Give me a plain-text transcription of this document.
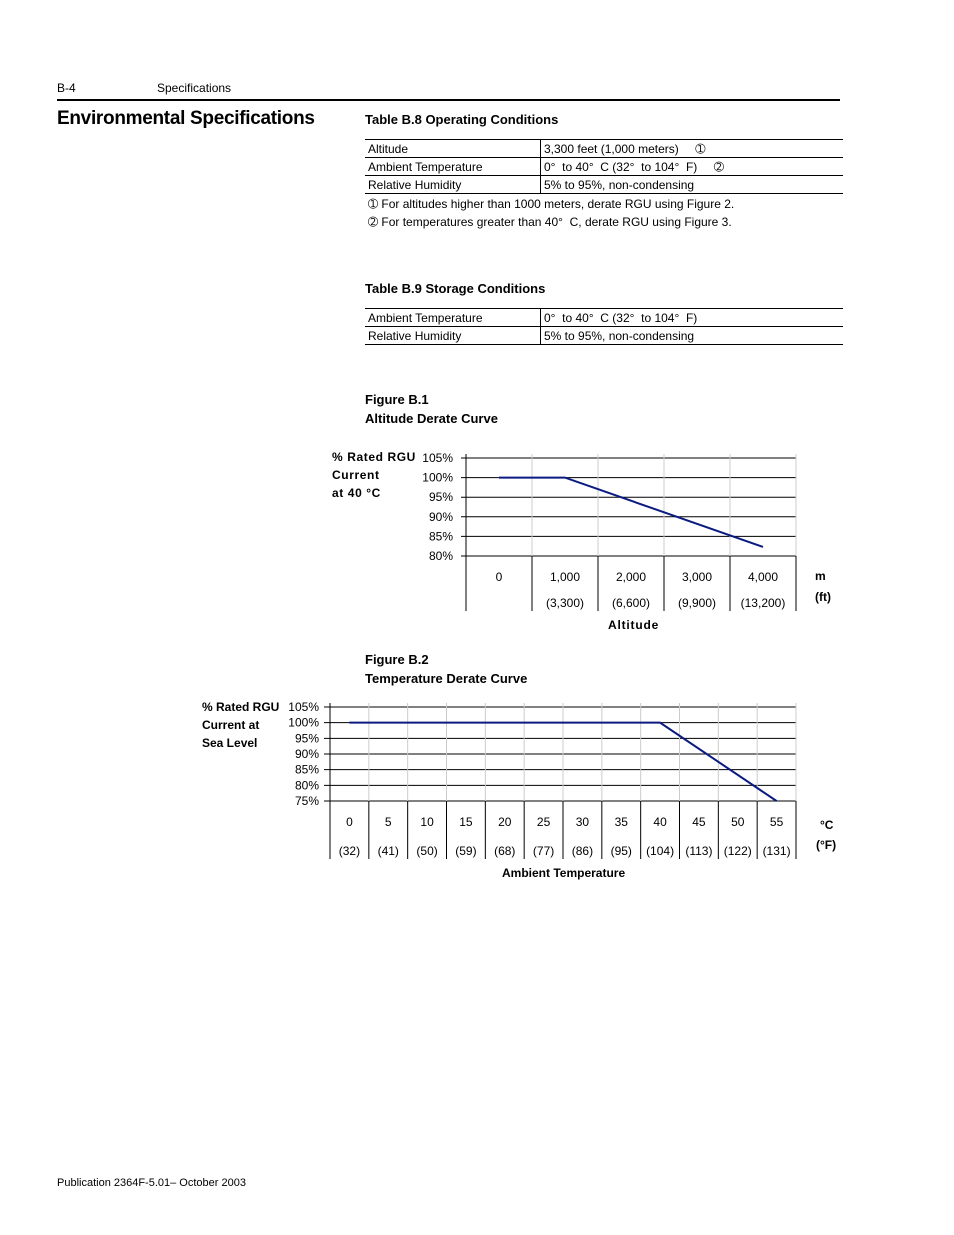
B-4	Specifications
Environmental Specifications	Table B.8 Operating Conditions
Altitude	3,300 feet (1,000 meters)     ➀
Ambient Temperature	0°  to 40°  C (32°  to 104°  F)     ➁
Relative Humidity	5% to 95%, non-condensing
➀ For altitudes higher than 1000 meters, derate RGU using Figure 2.
➁ For temperatures greater than 40°  C, derate RGU using Figure 3.
Table B.9 Storage Conditions
Ambient Temperature	0°  to 40°  C (32°  to 104°  F)
Relative Humidity	5% to 95%, non-condensing
Figure B.1
Altitude Derate Curve
% Rated RGU
Current
at 40 °C
105%
100%
95%
90%
85%
80%
0	1,000
(3,300)
2,000
(6,600)
3,000
(9,900)
4,000
(13,200)
105%
100%
95%
90%
85%
80%
75%
0
(32)
5
(41)
10
(50)
15
(59)
20
(68)
25
(77)
30
(86)
35
(95)
40
(104)
45
(113)
50
(122)
55
(131)
Altitude
m
(ft)
Figure B.2
Temperature Derate Curve
% Rated RGU
Current at
Sea Level
Ambient Temperature
°C
(°F)
Publication 2364F-5.01– October 2003
